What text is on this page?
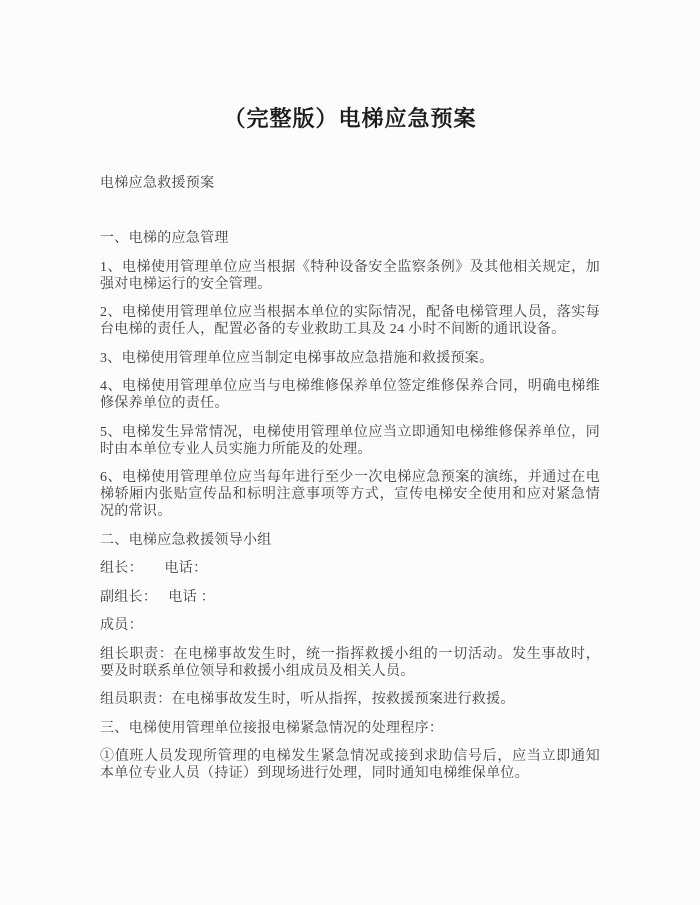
（完整版）电梯应急预案

电梯应急救援预案

一、电梯的应急管理

1、电梯使用管理单位应当根据《特种设备安全监察条例》及其他相关规定，加强对电梯运行的安全管理。

2、电梯使用管理单位应当根据本单位的实际情况，配备电梯管理人员，落实每台电梯的责任人，配置必备的专业救助工具及 24 小时不间断的通讯设备。

3、电梯使用管理单位应当制定电梯事故应急措施和救援预案。

4、电梯使用管理单位应当与电梯维修保养单位签定维修保养合同，明确电梯维修保养单位的责任。

5、电梯发生异常情况，电梯使用管理单位应当立即通知电梯维修保养单位，同时由本单位专业人员实施力所能及的处理。

6、电梯使用管理单位应当每年进行至少一次电梯应急预案的演练，并通过在电梯轿厢内张贴宣传品和标明注意事项等方式，宣传电梯安全使用和应对紧急情况的常识。

二、电梯应急救援领导小组

组长：　　电话：

副组长：　 电话 ：

成员：

组长职责：在电梯事故发生时，统一指挥救援小组的一切活动。发生事故时，要及时联系单位领导和救援小组成员及相关人员。

组员职责：在电梯事故发生时，听从指挥，按救援预案进行救援。

三、电梯使用管理单位接报电梯紧急情况的处理程序：

①值班人员发现所管理的电梯发生紧急情况或接到求助信号后，应当立即通知本单位专业人员（持证）到现场进行处理，同时通知电梯维保单位。
